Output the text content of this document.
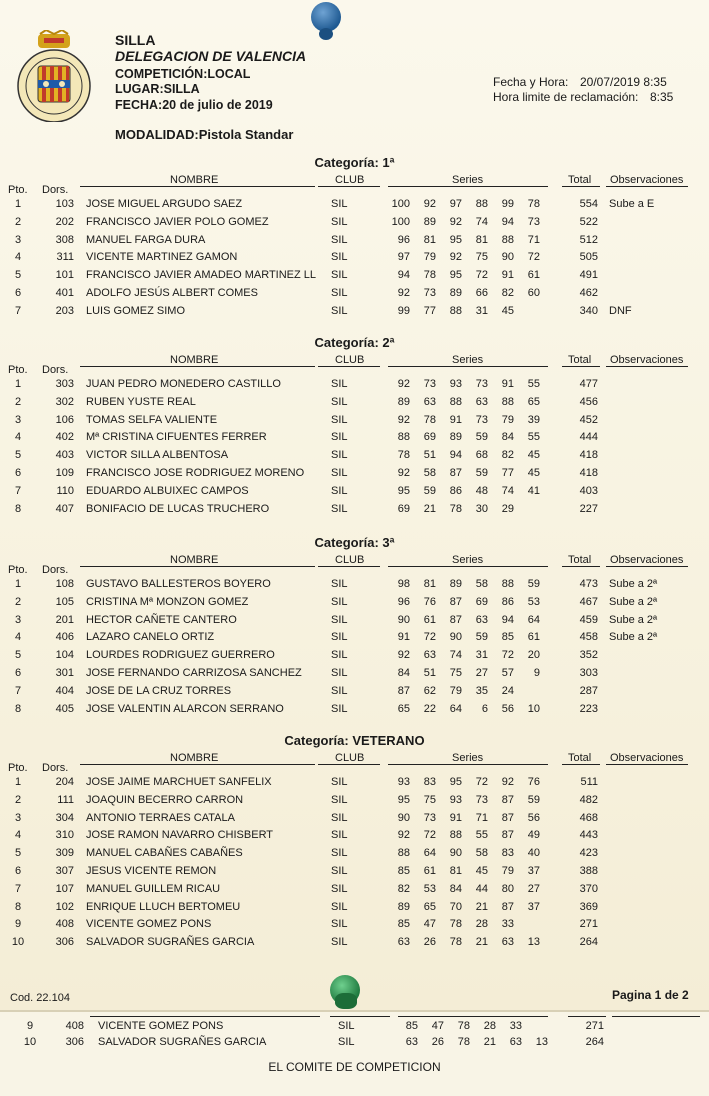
SILLA
DELEGACION DE VALENCIA
COMPETICIÓN:LOCAL
LUGAR:SILLA
FECHA:20 de julio de 2019
MODALIDAD:Pistola Standar
Fecha y Hora: 20/07/2019 8:35
Hora limite de reclamación: 8:35
Categoría: 1ª
Pto. Dors.
NOMBRE	CLUB	Series	Total Observaciones
1	103 JOSE MIGUEL ARGUDO SAEZ	SIL	100	92	97	88	99	78	554 Sube a E
2	202 FRANCISCO JAVIER POLO GOMEZ	SIL	100	89	92	74	94	73	522
3	308 MANUEL FARGA DURA	SIL	96	81	95	81	88	71	512
4	311 VICENTE MARTINEZ GAMON	SIL	97	79	92	75	90	72	505
5	101 FRANCISCO JAVIER AMADEO MARTINEZ LL SIL	94	78	95	72	91	61	491
6	401 ADOLFO JESÚS ALBERT COMES	SIL	92	73	89	66	82	60	462
7	203 LUIS GOMEZ SIMO	SIL	99	77	88	31	45	340 DNF
Categoría: 2ª
Pto. Dors.
NOMBRE	CLUB	Series	Total Observaciones
1	303 JUAN PEDRO MONEDERO CASTILLO	SIL	92	73	93	73	91	55	477
2	302 RUBEN YUSTE REAL	SIL	89	63	88	63	88	65	456
3	106 TOMAS SELFA VALIENTE	SIL	92	78	91	73	79	39	452
4	402 Mª CRISTINA CIFUENTES FERRER	SIL	88	69	89	59	84	55	444
5	403 VICTOR SILLA ALBENTOSA	SIL	78	51	94	68	82	45	418
6	109 FRANCISCO JOSE RODRIGUEZ MORENO SIL	92	58	87	59	77	45	418
7	110 EDUARDO ALBUIXEC CAMPOS	SIL	95	59	86	48	74	41	403
8	407 BONIFACIO DE LUCAS TRUCHERO	SIL	69	21	78	30	29	227
Categoría: 3ª
Pto. Dors.
NOMBRE	CLUB	Series	Total Observaciones
1	108 GUSTAVO BALLESTEROS BOYERO	SIL	98	81	89	58	88	59	473 Sube a 2ª
2	105 CRISTINA Mª MONZON GOMEZ	SIL	96	76	87	69	86	53	467 Sube a 2ª
3	201 HECTOR CAÑETE CANTERO	SIL	90	61	87	63	94	64	459 Sube a 2ª
4	406 LAZARO CANELO ORTIZ	SIL	91	72	90	59	85	61	458 Sube a 2ª
5	104 LOURDES RODRIGUEZ GUERRERO	SIL	92	63	74	31	72	20	352
6	301 JOSE FERNANDO CARRIZOSA SANCHEZ	SIL	84	51	75	27	57	9	303
7	404 JOSE DE LA CRUZ TORRES	SIL	87	62	79	35	24	287
8	405 JOSE VALENTIN ALARCON SERRANO	SIL	65	22	64	6	56	10	223
Categoría: VETERANO
Pto. Dors.
NOMBRE	CLUB	Series	Total Observaciones
1	204 JOSE JAIME MARCHUET SANFELIX	SIL	93	83	95	72	92	76	511
2	111 JOAQUIN BECERRO CARRON	SIL	95	75	93	73	87	59	482
3	304 ANTONIO TERRAES CATALA	SIL	90	73	91	71	87	56	468
4	310 JOSE RAMON NAVARRO CHISBERT	SIL	92	72	88	55	87	49	443
5	309 MANUEL CABAÑES CABAÑES	SIL	88	64	90	58	83	40	423
6	307 JESUS VICENTE REMON	SIL	85	61	81	45	79	37	388
7	107 MANUEL GUILLEM RICAU	SIL	82	53	84	44	80	27	370
8	102 ENRIQUE LLUCH BERTOMEU	SIL	89	65	70	21	87	37	369
9	408 VICENTE GOMEZ PONS	SIL	85	47	78	28	33	271
10	306 SALVADOR SUGRAÑES GARCIA	SIL	63	26	78	21	63	13	264
Cod. 22.104	Pagina 1 de 2
9	408 VICENTE GOMEZ PONS	SIL	85	47	78	28	33	271
10	306 SALVADOR SUGRAÑES GARCIA	SIL	63	26	78	21	63	13	264
EL COMITE DE COMPETICION
